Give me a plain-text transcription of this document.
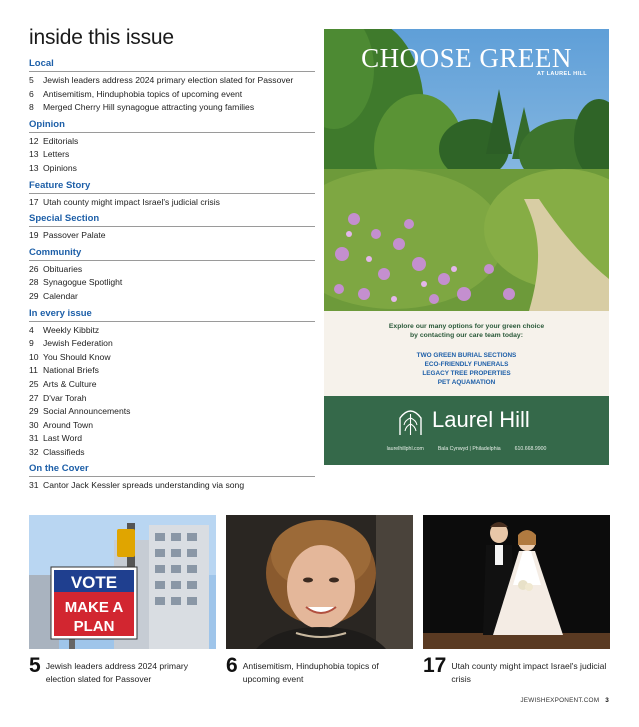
inside this issue
Local
5 Jewish leaders address 2024 primary election slated for Passover
6 Antisemitism, Hinduphobia topics of upcoming event
8 Merged Cherry Hill synagogue attracting young families
Opinion
12 Editorials
13 Letters
13 Opinions
Feature Story
17 Utah county might impact Israel's judicial crisis
Special Section
19 Passover Palate
Community
26 Obituaries
28 Synagogue Spotlight
29 Calendar
In every issue
4 Weekly Kibbitz
9 Jewish Federation
10 You Should Know
11 National Briefs
25 Arts & Culture
27 D'var Torah
29 Social Announcements
30 Around Town
31 Last Word
32 Classifieds
On the Cover
31 Cantor Jack Kessler spreads understanding via song
CHOOSE GREEN
AT LAUREL HILL
Explore our many options for your green choice
by contacting our care team today:
TWO GREEN BURIAL SECTIONS
ECO-FRIENDLY FUNERALS
LEGACY TREE PROPERTIES
PET AQUAMATION
Laurel Hill
laurelhillphl.com	Bala Cynwyd | Philadelphia	610.668.9900
VOTE
MAKE A
PLAN
5 Jewish leaders address 2024 primary election slated for Passover
6 Antisemitism, Hinduphobia topics of upcoming event
17 Utah county might impact Israel's judicial crisis
JEWISHEXPONENT.COM 3
